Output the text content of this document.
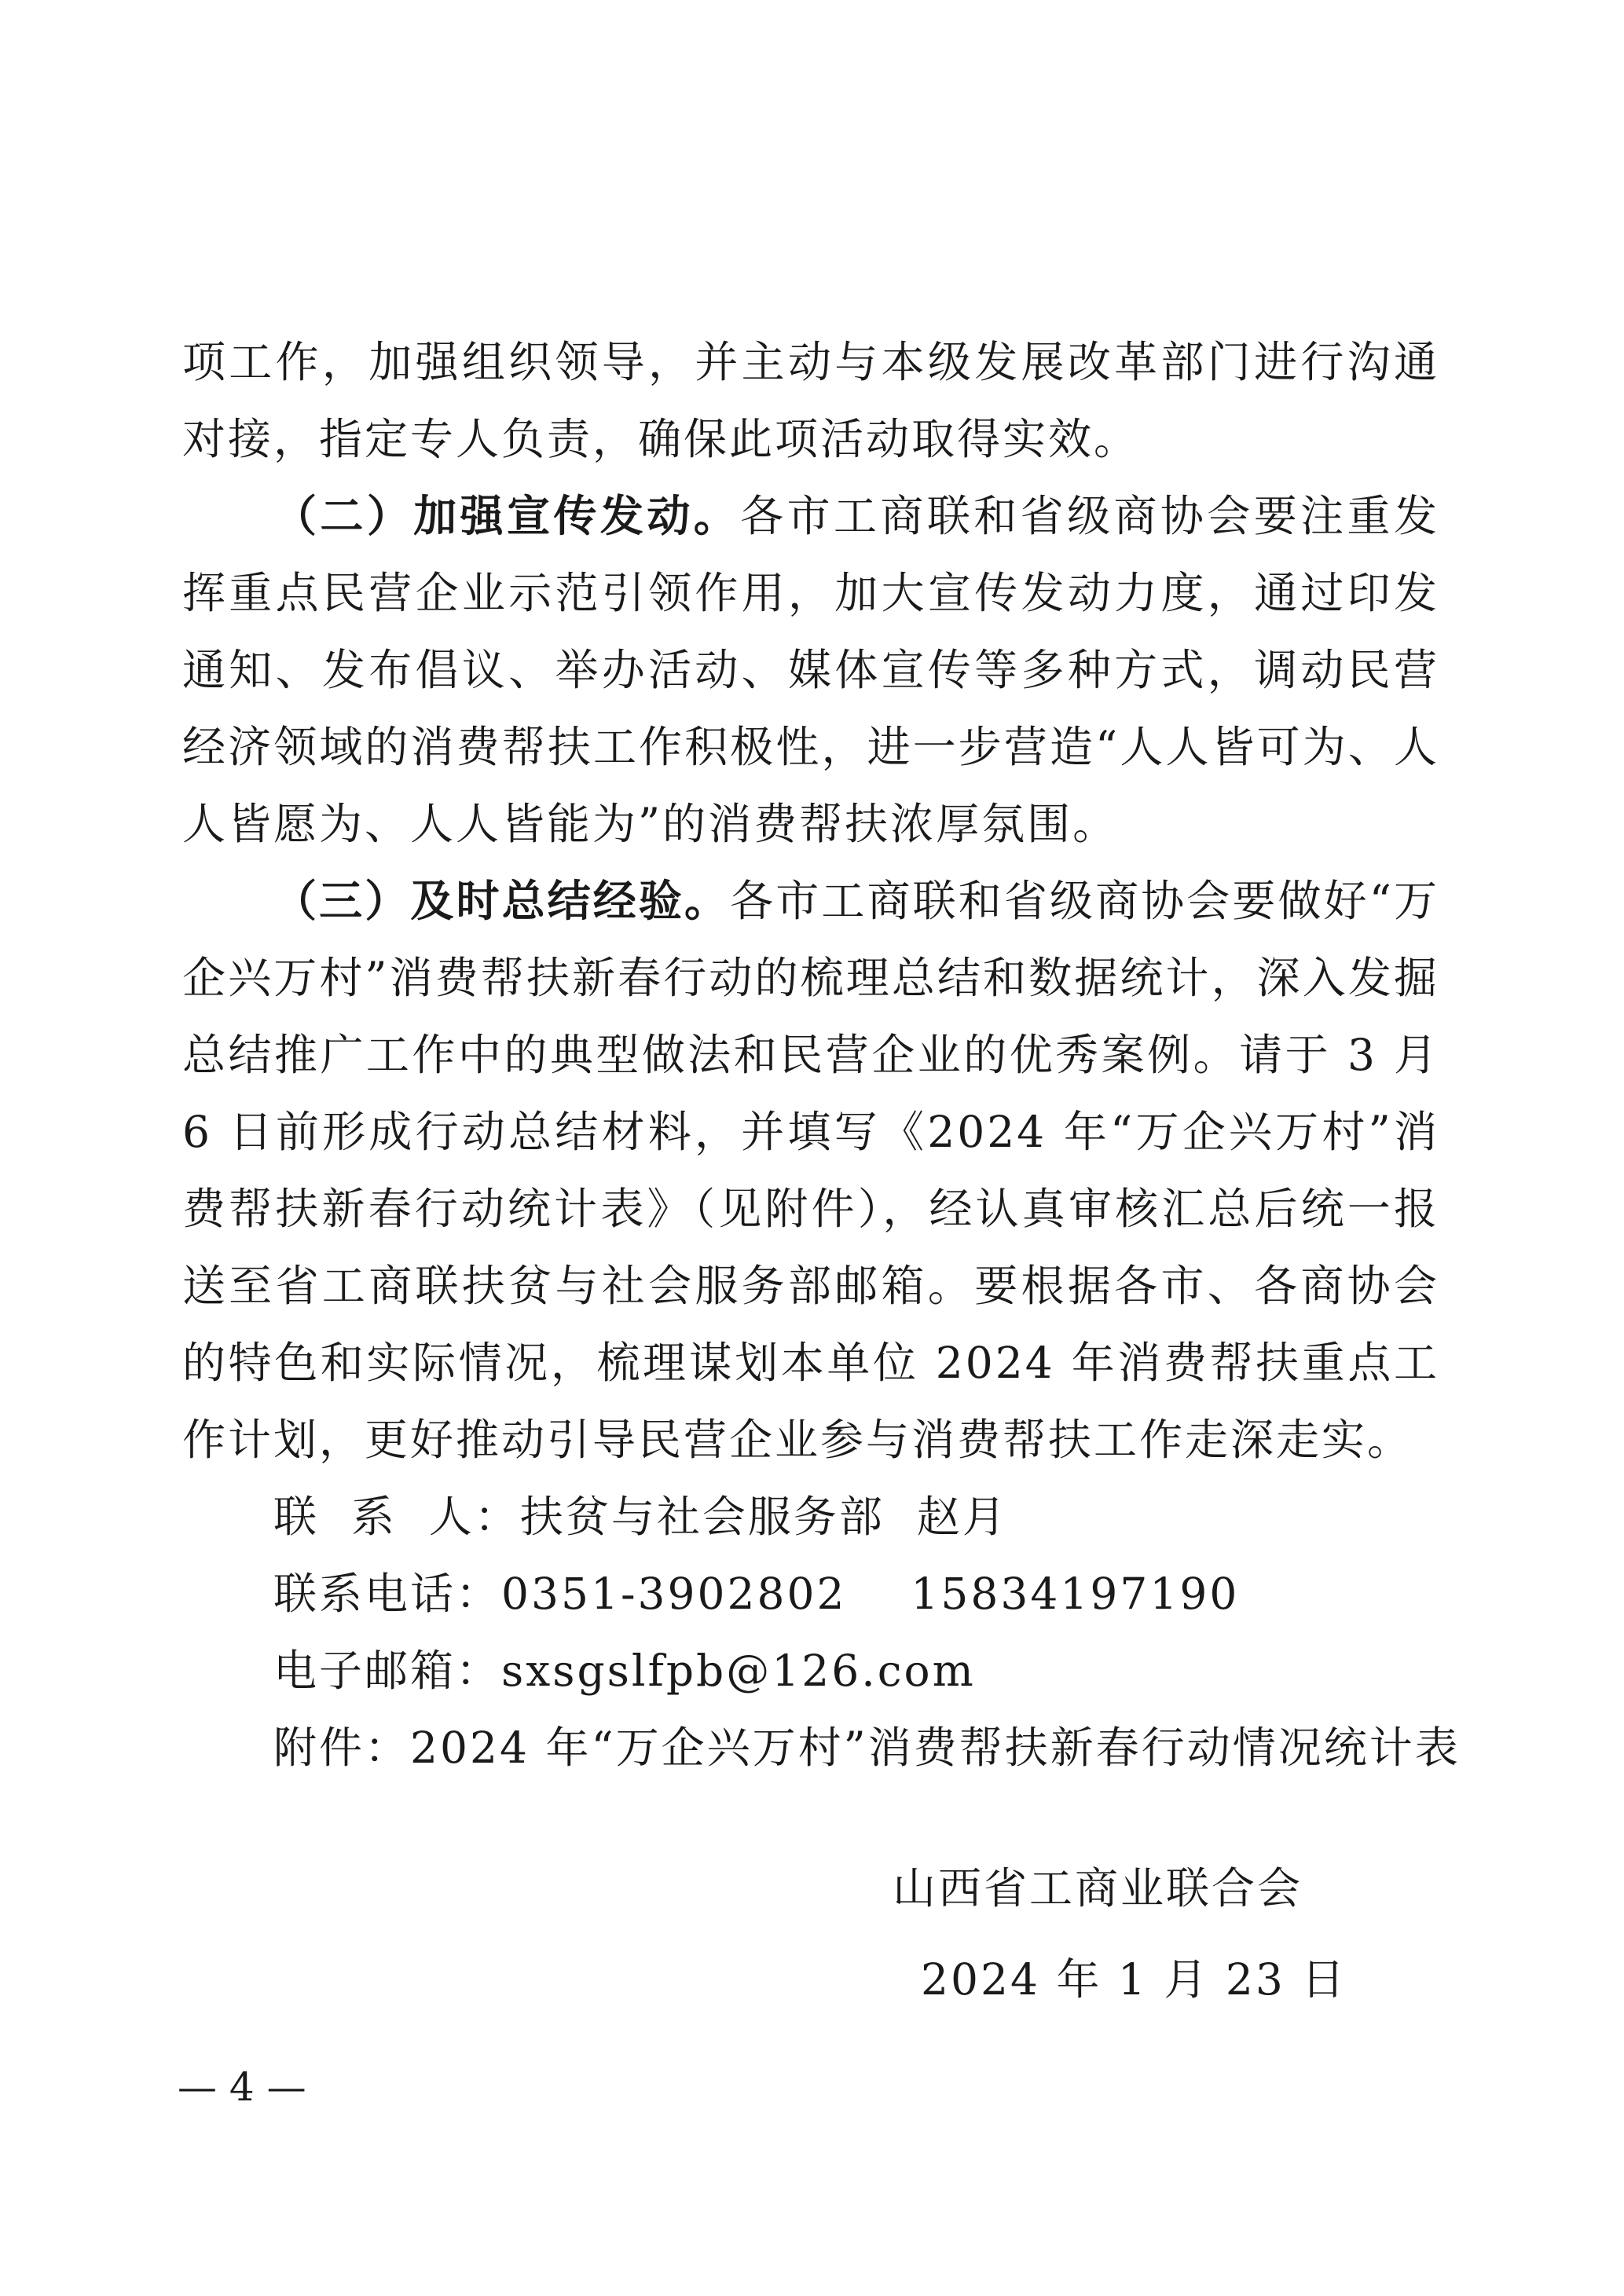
项工作，加强组织领导，并主动与本级发展改革部门进行沟通对接，指定专人负责，确保此项活动取得实效。

（二）加强宣传发动。各市工商联和省级商协会要注重发挥重点民营企业示范引领作用，加大宣传发动力度，通过印发通知、发布倡议、举办活动、媒体宣传等多种方式，调动民营经济领域的消费帮扶工作积极性，进一步营造“人人皆可为、人人皆愿为、人人皆能为”的消费帮扶浓厚氛围。

（三）及时总结经验。各市工商联和省级商协会要做好“万企兴万村”消费帮扶新春行动的梳理总结和数据统计，深入发掘总结推广工作中的典型做法和民营企业的优秀案例。请于 3 月 6 日前形成行动总结材料，并填写《2024 年“万企兴万村”消费帮扶新春行动统计表》（见附件），经认真审核汇总后统一报送至省工商联扶贫与社会服务部邮箱。要根据各市、各商协会的特色和实际情况，梳理谋划本单位 2024 年消费帮扶重点工作计划，更好推动引导民营企业参与消费帮扶工作走深走实。

联  系  人：扶贫与社会服务部  赵月

联系电话：0351-3902802    15834197190

电子邮箱：sxsgslfpb@126.com

附件：2024 年“万企兴万村”消费帮扶新春行动情况统计表

山西省工商业联合会
2024 年 1 月 23 日
— 4 —
